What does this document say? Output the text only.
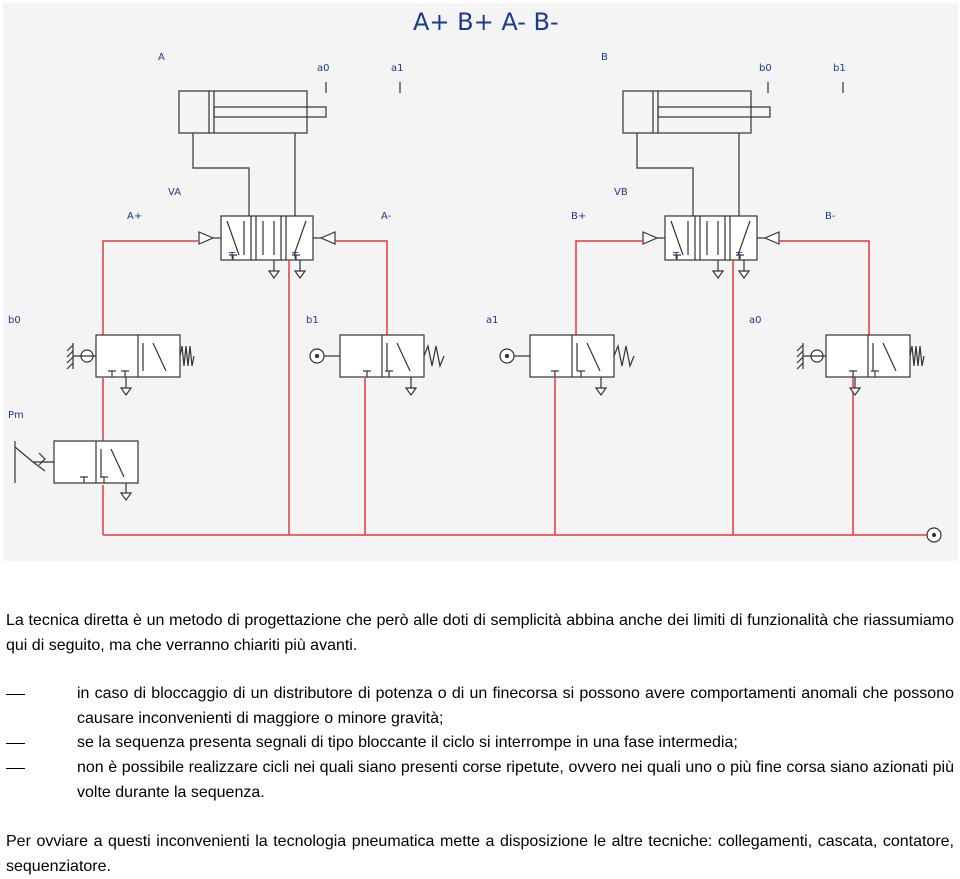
A+ B+ A- B-
A
a0	a1
B
b0	b1
VA
A+	A-
VB
B+	B-
b0	b1	a1	a0
Pm
T	T	T	T
La tecnica diretta è un metodo di progettazione che però alle doti di semplicità abbina anche dei limiti di funzionalità che riassumiamo qui di seguito, ma che verranno chiariti più avanti.
in caso di bloccaggio di un distributore di potenza o di un finecorsa si possono avere comportamenti anomali che possono causare inconvenienti di maggiore o minore gravità;
se la sequenza presenta segnali di tipo bloccante il ciclo si interrompe in una fase intermedia;
non è possibile realizzare cicli nei quali siano presenti corse ripetute, ovvero nei quali uno o più fine corsa siano azionati più volte durante la sequenza.
Per ovviare a questi inconvenienti la tecnologia pneumatica mette a disposizione le altre tecniche: collegamenti, cascata, contatore, sequenziatore.
